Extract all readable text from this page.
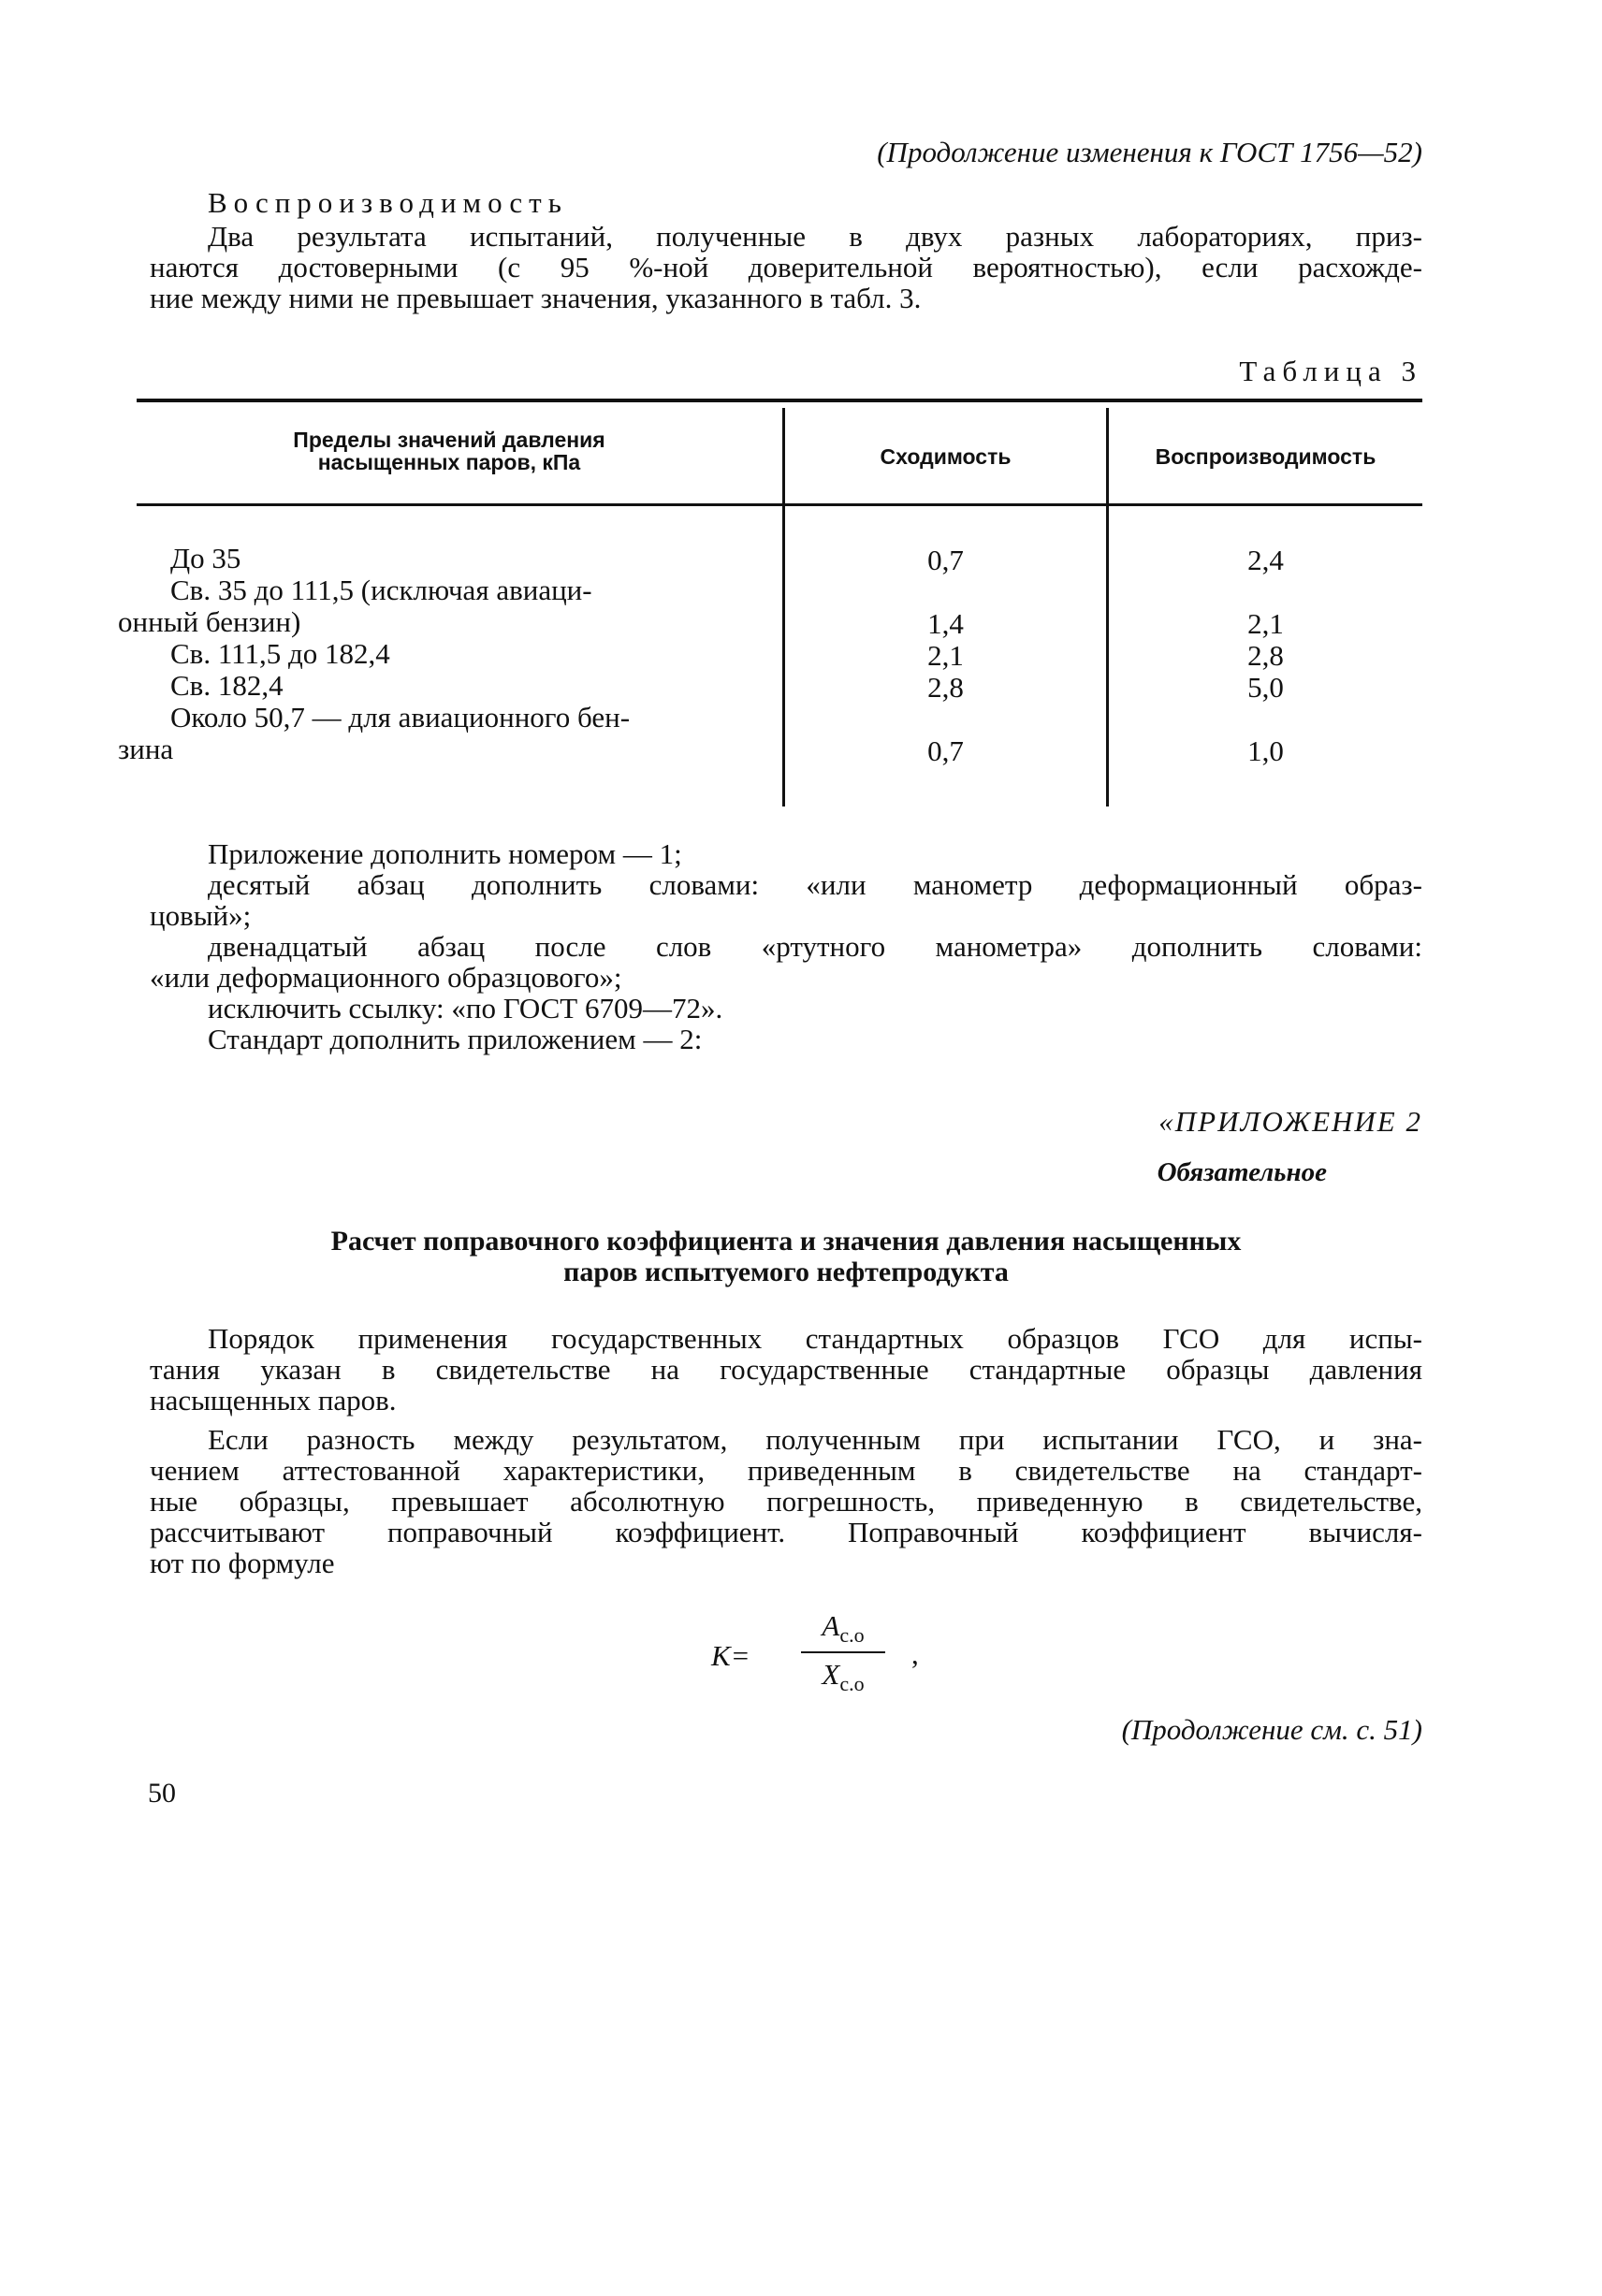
(Продолжение изменения к ГОСТ 1756—52)
Воспроизводимость
Два результата испытаний, полученные в двух разных лабораториях, приз-
наются достоверными (с 95 %-ной доверительной вероятностью), если расхожде-
ние между ними не превышает значения, указанного в табл. 3.
Таблица 3
Пределы значений давления насыщенных паров, кПа	Сходимость	Воспроизводимость
До 35
Св. 35 до 111,5 (исключая авиаци-
онный бензин)
Св. 111,5 до 182,4
Св. 182,4
Около 50,7 — для авиационного бен-
зина
0,7
1,4
2,1
2,8
0,7
2,4
2,1
2,8
5,0
1,0
Приложение дополнить номером — 1;
десятый абзац дополнить словами: «или манометр деформационный образ-
цовый»;
двенадцатый абзац после слов «ртутного манометра» дополнить словами:
«или деформационного образцового»;
исключить ссылку: «по ГОСТ 6709—72».
Стандарт дополнить приложением — 2:
«ПРИЛОЖЕНИЕ 2
Обязательное
Расчет поправочного коэффициента и значения давления насыщенных
паров испытуемого нефтепродукта
Порядок применения государственных стандартных образцов ГСО для испы-
тания указан в свидетельстве на государственные стандартные образцы давления
насыщенных паров.
Если разность между результатом, полученным при испытании ГСО, и зна-
чением аттестованной характеристики, приведенным в свидетельстве на стандарт-
ные образцы, превышает абсолютную погрешность, приведенную в свидетельстве,
рассчитывают поправочный коэффициент. Поправочный коэффициент вычисля-
ют по формуле
K=
$A_{с.о}$
$X_{с.о}$
,
(Продолжение см. с. 51)
50
